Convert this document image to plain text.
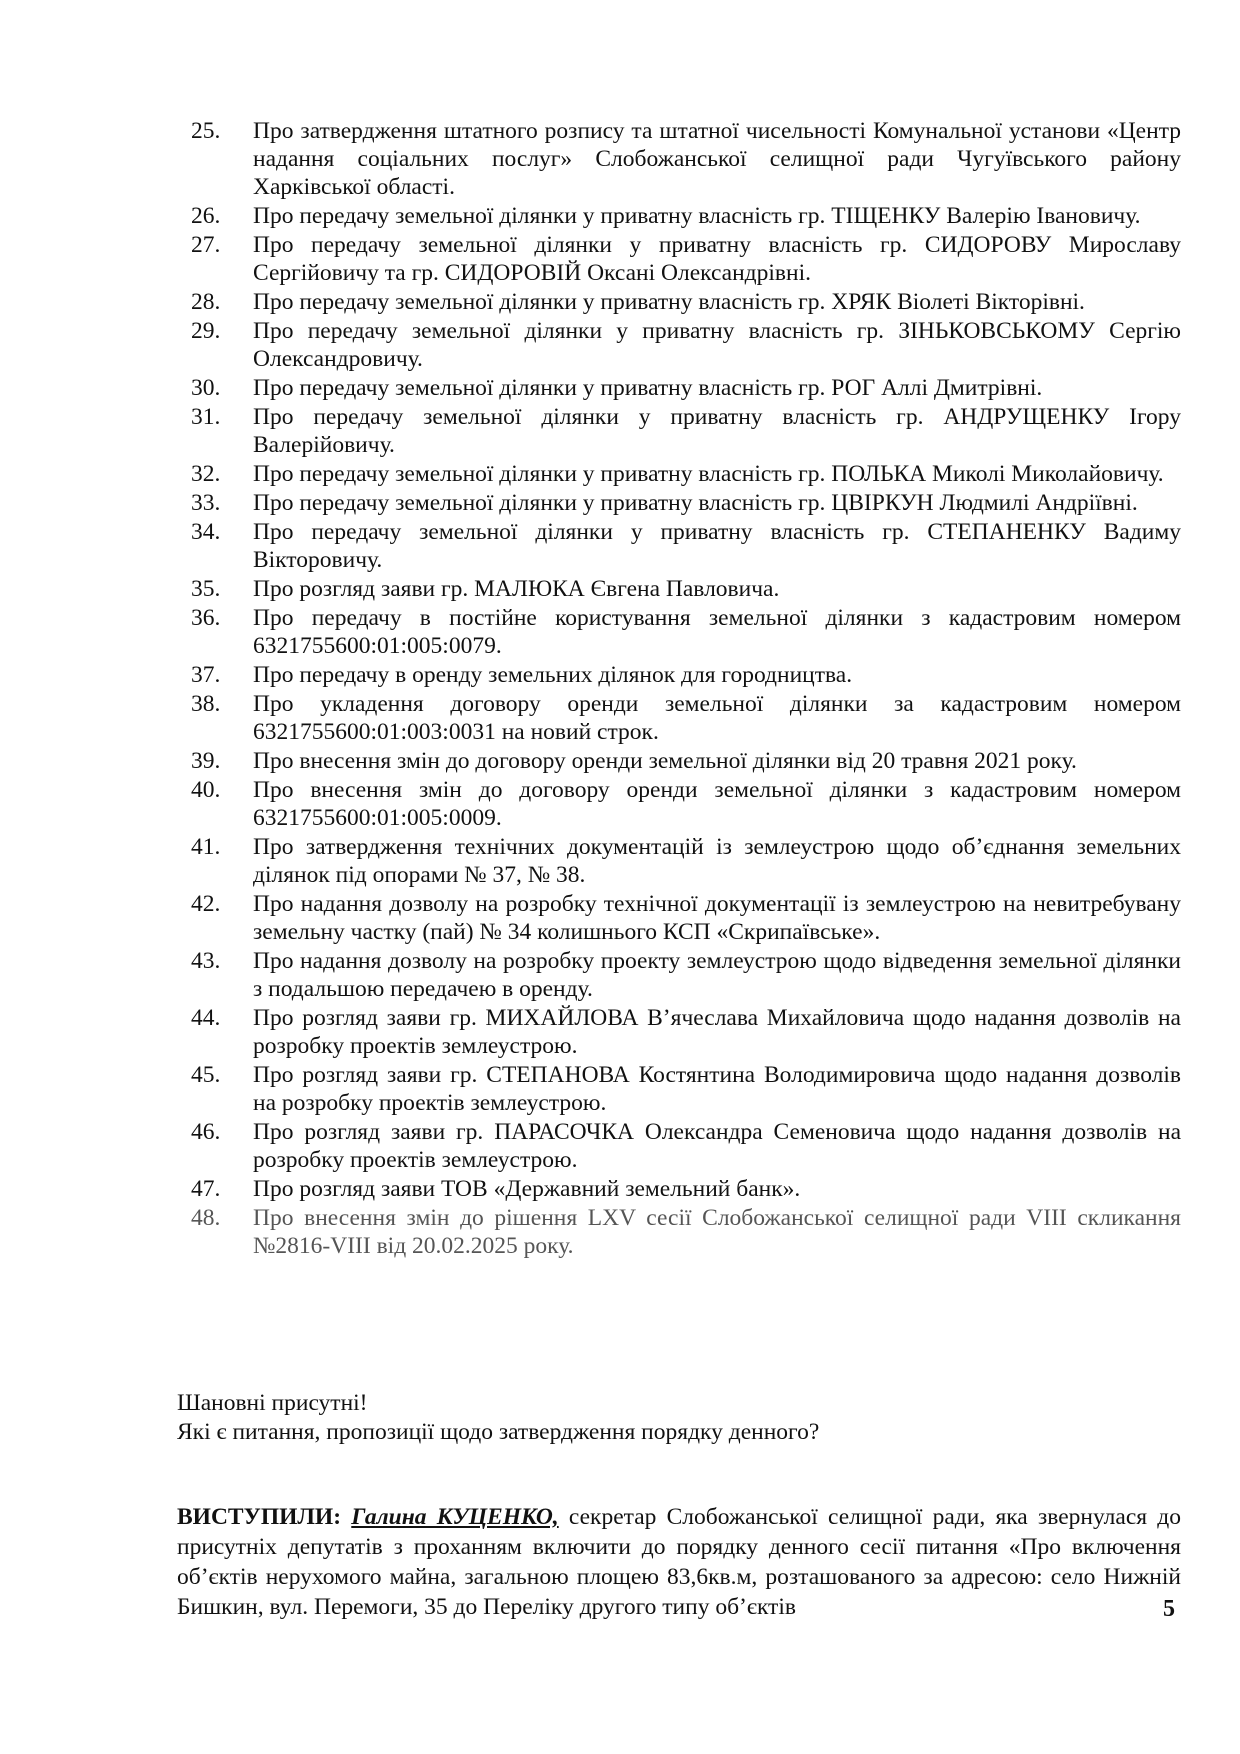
25.	Про затвердження штатного розпису та штатної чисельності Комунальної установи «Центр надання соціальних послуг» Слобожанської селищної ради Чугуївського району Харківської області.
26.	Про передачу земельної ділянки у приватну власність гр. ТІЩЕНКУ Валерію Івановичу.
27.	Про передачу земельної ділянки у приватну власність гр. СИДОРОВУ Мирославу Сергійовичу та гр. СИДОРОВІЙ Оксані Олександрівні.
28.	Про передачу земельної ділянки у приватну власність гр. ХРЯК Віолеті Вікторівні.
29.	Про передачу земельної ділянки у приватну власність гр. ЗІНЬКОВСЬКОМУ Сергію Олександровичу.
30.	Про передачу земельної ділянки у приватну власність гр. РОГ Аллі Дмитрівні.
31.	Про передачу земельної ділянки у приватну власність гр. АНДРУЩЕНКУ Ігору Валерійовичу.
32.	Про передачу земельної ділянки у приватну власність гр. ПОЛЬКА Миколі Миколайовичу.
33.	Про передачу земельної ділянки у приватну власність гр. ЦВІРКУН Людмилі Андріївні.
34.	Про передачу земельної ділянки у приватну власність гр. СТЕПАНЕНКУ Вадиму Вікторовичу.
35.	Про розгляд заяви гр. МАЛЮКА Євгена Павловича.
36.	Про передачу в постійне користування земельної ділянки з кадастровим номером 6321755600:01:005:0079.
37.	Про передачу в оренду земельних ділянок для городництва.
38.	Про укладення договору оренди земельної ділянки за кадастровим номером 6321755600:01:003:0031 на новий строк.
39.	Про внесення змін до договору оренди земельної ділянки від 20 травня 2021 року.
40.	Про внесення змін до договору оренди земельної ділянки з кадастровим номером 6321755600:01:005:0009.
41.	Про затвердження технічних документацій із землеустрою щодо об’єднання земельних ділянок під опорами № 37, № 38.
42.	Про надання дозволу на розробку технічної документації із землеустрою на невитребувану земельну частку (пай) № 34 колишнього КСП «Скрипаївське».
43.	Про надання дозволу на розробку проекту землеустрою щодо відведення земельної ділянки з подальшою передачею в оренду.
44.	Про розгляд заяви гр. МИХАЙЛОВА В’ячеслава Михайловича щодо надання дозволів на розробку проектів землеустрою.
45.	Про розгляд заяви гр. СТЕПАНОВА Костянтина Володимировича щодо надання дозволів на розробку проектів землеустрою.
46.	Про розгляд заяви гр. ПАРАСОЧКА Олександра Семеновича щодо надання дозволів на розробку проектів землеустрою.
47.	Про розгляд заяви ТОВ «Державний земельний банк».
48.	Про внесення змін до рішення LXV сесії Слобожанської селищної ради VIII скликання №2816-VIII від 20.02.2025 року.
Шановні присутні!
Які є питання, пропозиції щодо затвердження порядку денного?
ВИСТУПИЛИ: Галина КУЦЕНКО, секретар Слобожанської селищної ради, яка звернулася до присутніх депутатів з проханням включити до порядку денного сесії питання «Про включення об’єктів нерухомого майна, загальною площею 83,6кв.м, розташованого за адресою: село Нижній Бишкин, вул. Перемоги, 35 до Переліку другого типу об’єктів	5
